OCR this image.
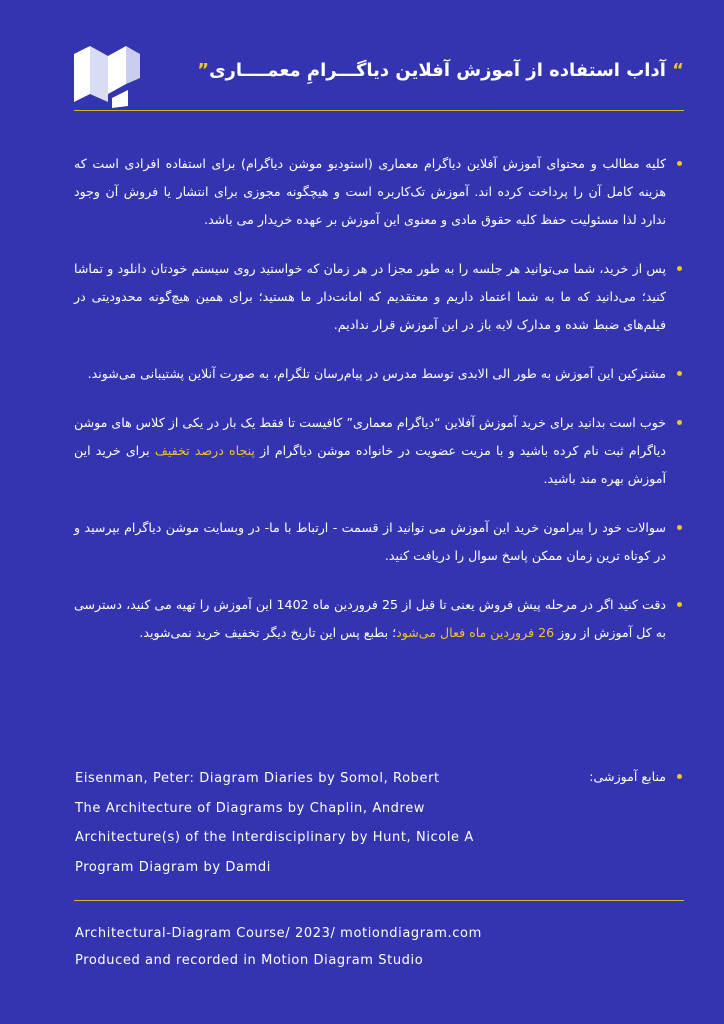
“ آداب استفاده از آموزش آفلاین دیاگـــرامِ معمــــاری”
کلیه مطالب و محتوای آموزش آفلاین دیاگرام معماری (استودیو موشن دیاگرام) برای استفاده افرادی است که هزینه کامل آن را پرداخت کرده اند. آموزش تک‌کاربره است و هیچگونه مجوزی برای انتشار یا فروش آن وجود ندارد لذا مسئولیت حفظ کلیه حقوق مادی و معنوی این آموزش بر عهده خریدار می باشد.
پس از خرید، شما می‌توانید هر جلسه را به طور مجزا در هر زمان که خواستید روی سیستم خودتان دانلود و تماشا کنید؛ می‌دانید که ما به شما اعتماد داریم و معتقدیم که امانت‌دار ما هستید؛ برای همین هیچ‌گونه محدودیتی در فیلم‌های ضبط شده و مدارک لایه باز در این آموزش قرار ندادیم.
مشترکین این آموزش به طور الی الابدی توسط مدرس در پیام‌رسان تلگرام، به صورت آنلاین پشتیبانی می‌شوند.
خوب است بدانید برای خرید آموزش آفلاین “دیاگرام معماری” کافیست تا فقط یک بار در یکی از کلاس های موشن دیاگرام ثبت نام کرده باشید و با مزیت عضویت در خانواده موشن دیاگرام از پنجاه درصد تخفیف برای خرید این آموزش بهره مند باشید.
سوالات خود را پیرامون خرید این آموزش می توانید از قسمت - ارتباط با ما- در وبسایت موشن دیاگرام بپرسید و در کوتاه ترین زمان ممکن پاسخ سوال را دریافت کنید.
دقت کنید اگر در مرحله پیش فروش یعنی تا قبل از 25 فروردین ماه 1402 این آموزش را تهیه می کنید، دسترسی به کل آموزش از روز 26 فروردین ماه فعال می‌شود؛ بطبع پس این تاریخ دیگر تخفیف خرید نمی‌شوید.
منابع آموزشی:
Eisenman, Peter: Diagram Diaries by Somol, Robert
The Architecture of Diagrams by Chaplin, Andrew
Architecture(s) of the Interdisciplinary by Hunt, Nicole A
Program Diagram by Damdi
Architectural-Diagram Course/ 2023/ motiondiagram.com
Produced and recorded in Motion Diagram Studio
